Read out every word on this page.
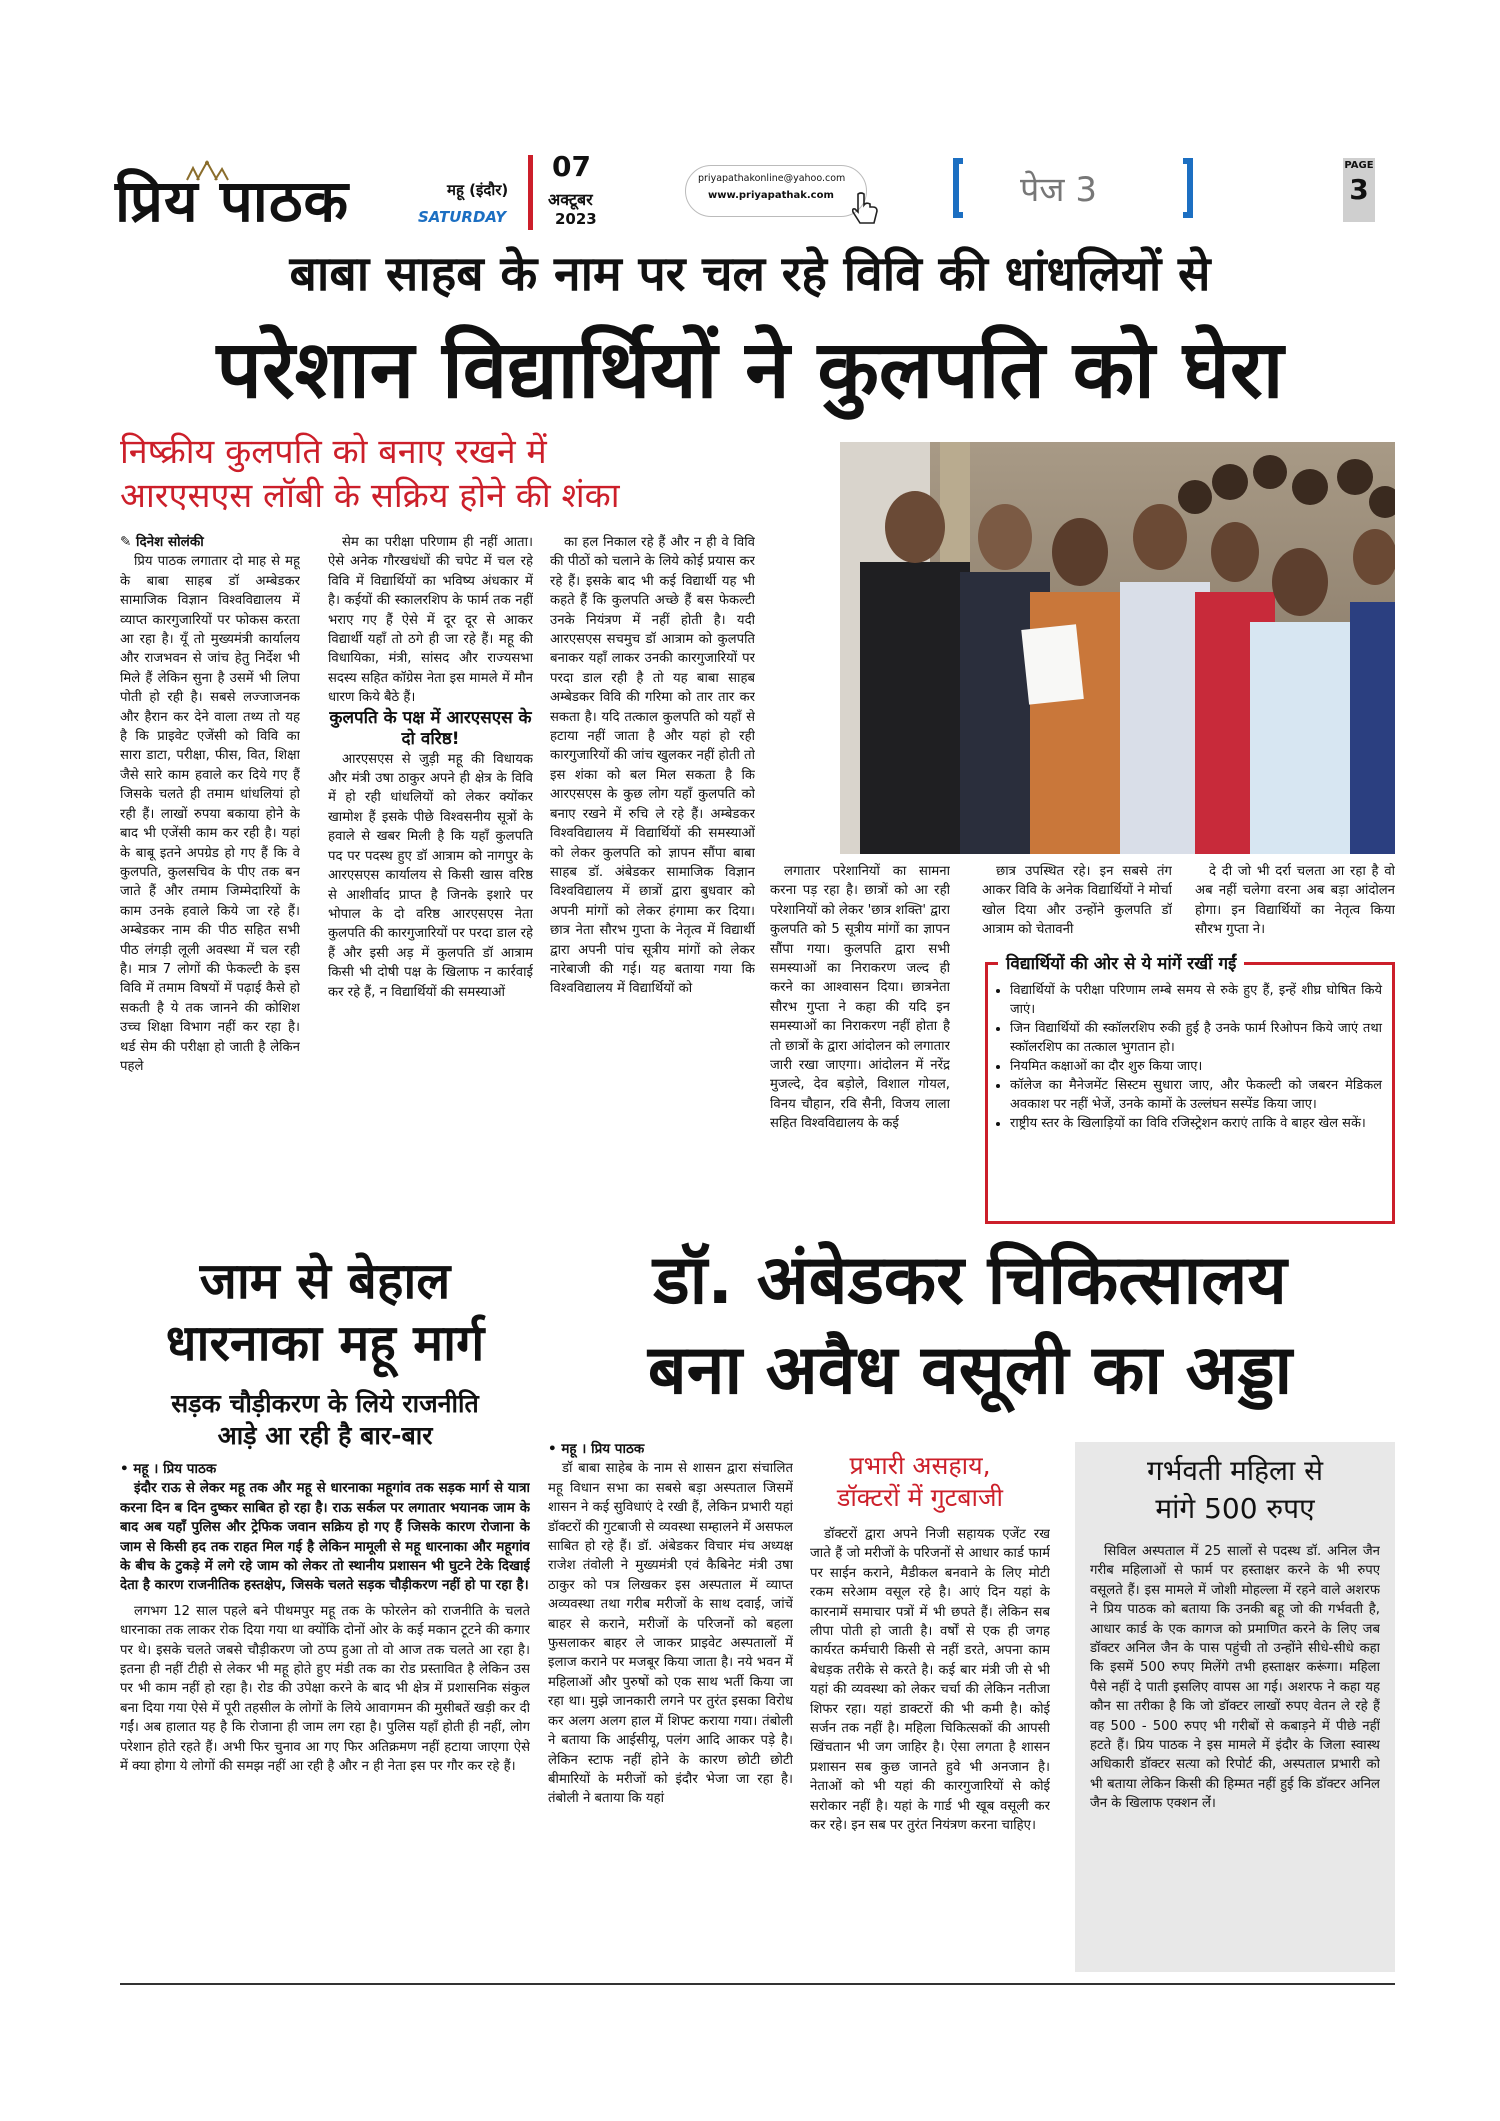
प्रिय पाठक	महू (इंदौर)
SATURDAY
07
अक्टूबर
2023
priyapathakonline@yahoo.com
www.priyapathak.com	पेज 3
PAGE
3
बाबा साहब के नाम पर चल रहे विवि की धांधलियों से
परेशान विद्यार्थियों ने कुलपति को घेरा
निष्क्रीय कुलपति को बनाए रखने में
आरएसएस लॉबी के सक्रिय होने की शंका

✎ दिनेश सोलंकी

प्रिय पाठक लगातार दो माह से महू के बाबा साहब डॉ अम्बेडकर सामाजिक विज्ञान विश्वविद्यालय में व्याप्त कारगुजारियों पर फोकस करता आ रहा है। यूँ तो मुख्यमंत्री कार्यालय और राजभवन से जांच हेतु निर्देश भी मिले हैं लेकिन सुना है उसमें भी लिपा पोती हो रही है। सबसे लज्जाजनक और हैरान कर देने वाला तथ्य तो यह है कि प्राइवेट एजेंसी को विवि का सारा डाटा, परीक्षा, फीस, वित, शिक्षा जैसे सारे काम हवाले कर दिये गए हैं जिसके चलते ही तमाम धांधलियां हो रही हैं। लाखों रुपया बकाया होने के बाद भी एजेंसी काम कर रही है। यहां के बाबू इतने अपग्रेड हो गए हैं कि वे कुलपति, कुलसचिव के पीए तक बन जाते हैं और तमाम जिम्मेदारियों के काम उनके हवाले किये जा रहे हैं। अम्बेडकर नाम की पीठ सहित सभी पीठ लंगड़ी लूली अवस्था में चल रही है। मात्र 7 लोगों की फेकल्टी के इस विवि में तमाम विषयों में पढ़ाई कैसे हो सकती है ये तक जानने की कोशिश उच्च शिक्षा विभाग नहीं कर रहा है। थर्ड सेम की परीक्षा हो जाती है लेकिन पहले

सेम का परीक्षा परिणाम ही नहीं आता। ऐसे अनेक गौरखधंधों की चपेट में चल रहे विवि में विद्यार्थियों का भविष्य अंधकार में है। कईयों की स्कालरशिप के फार्म तक नहीं भराए गए हैं ऐसे में दूर दूर से आकर विद्यार्थी यहाँ तो ठगे ही जा रहे हैं। महू की विधायिका, मंत्री, सांसद और राज्यसभा सदस्य सहित कॉग्रेस नेता इस मामले में मौन धारण किये बैठे हैं।

कुलपति के पक्ष में आरएसएस के दो वरिष्ठ!

आरएसएस से जुड़ी महू की विधायक और मंत्री उषा ठाकुर अपने ही क्षेत्र के विवि में हो रही धांधलियों को लेकर क्योंकर खामोश हैं इसके पीछे विश्वसनीय सूत्रों के हवाले से खबर मिली है कि यहाँ कुलपति पद पर पदस्थ हुए डॉ आत्राम को नागपुर के आरएसएस कार्यालय से किसी खास वरिष्ठ से आशीर्वाद प्राप्त है जिनके इशारे पर भोपाल के दो वरिष्ठ आरएसएस नेता कुलपति की कारगुजारियों पर परदा डाल रहे हैं और इसी अड़ में कुलपति डॉ आत्राम किसी भी दोषी पक्ष के खिलाफ न कार्रवाई कर रहे हैं, न विद्यार्थियों की समस्याओं

का हल निकाल रहे हैं और न ही वे विवि की पीठों को चलाने के लिये कोई प्रयास कर रहे हैं। इसके बाद भी कई विद्यार्थी यह भी कहते हैं कि कुलपति अच्छे हैं बस फेकल्टी उनके नियंत्रण में नहीं होती है। यदी आरएसएस सचमुच डॉ आत्राम को कुलपति बनाकर यहाँ लाकर उनकी कारगुजारियों पर परदा डाल रही है तो यह बाबा साहब अम्बेडकर विवि की गरिमा को तार तार कर सकता है। यदि तत्काल कुलपति को यहाँ से हटाया नहीं जाता है और यहां हो रही कारगुजारियों की जांच खुलकर नहीं होती तो इस शंका को बल मिल सकता है कि आरएसएस के कुछ लोग यहाँ कुलपति को बनाए रखने में रुचि ले रहे हैं। अम्बेडकर विश्वविद्यालय में विद्यार्थियों की समस्याओं को लेकर कुलपति को ज्ञापन सौंपा बाबा साहब डॉ. अंबेडकर सामाजिक विज्ञान विश्वविद्यालय में छात्रों द्वारा बुधवार को अपनी मांगों को लेकर हंगामा कर दिया। छात्र नेता सौरभ गुप्ता के नेतृत्व में विद्यार्थी द्वारा अपनी पांच सूत्रीय मांगों को लेकर नारेबाजी की गई। यह बताया गया कि विश्वविद्यालय में विद्यार्थियों को

लगातार परेशानियों का सामना करना पड़ रहा है। छात्रों को आ रही परेशानियों को लेकर 'छात्र शक्ति' द्वारा कुलपति को 5 सूत्रीय मांगों का ज्ञापन सौंपा गया। कुलपति द्वारा सभी समस्याओं का निराकरण जल्द ही करने का आश्वासन दिया। छात्रनेता सौरभ गुप्ता ने कहा की यदि इन समस्याओं का निराकरण नहीं होता है तो छात्रों के द्वारा आंदोलन को लगातार जारी रखा जाएगा। आंदोलन में नरेंद्र मुजल्दे, देव बड़ोले, विशाल गोयल, विनय चौहान, रवि सैनी, विजय लाला सहित विश्वविद्यालय के कई

छात्र उपस्थित रहे। इन सबसे तंग आकर विवि के अनेक विद्यार्थियों ने मोर्चा खोल दिया और उन्होंने कुलपति डॉ आत्राम को चेतावनी

दे दी जो भी दर्रा चलता आ रहा है वो अब नहीं चलेगा वरना अब बड़ा आंदोलन होगा। इन विद्यार्थियों का नेतृत्व किया सौरभ गुप्ता ने।

विद्यार्थियों की ओर से ये मांगें रखीं गईं
• विद्यार्थियों के परीक्षा परिणाम लम्बे समय से रुके हुए हैं, इन्हें शीघ्र घोषित किये जाएं।
• जिन विद्यार्थियों की स्कॉलरशिप रुकी हुई है उनके फार्म रिओपन किये जाएं तथा स्कॉलरशिप का तत्काल भुगतान हो।
• नियमित कक्षाओं का दौर शुरु किया जाए।
• कॉलेज का मैनेजमेंट सिस्टम सुधारा जाए, और फेकल्टी को जबरन मेडिकल अवकाश पर नहीं भेजें, उनके कामों के उल्लंघन सस्पेंड किया जाए।
• राष्ट्रीय स्तर के खिलाड़ियों का विवि रजिस्ट्रेशन कराएं ताकि वे बाहर खेल सकें।
जाम से बेहाल
धारनाका महू मार्ग
सड़क चौड़ीकरण के लिये राजनीति
आड़े आ रही है बार-बार

• महू । प्रिय पाठक

इंदौर राऊ से लेकर महू तक और महू से धारनाका महूगांव तक सड़क मार्ग से यात्रा करना दिन ब दिन दुष्कर साबित हो रहा है। राऊ सर्कल पर लगातार भयानक जाम के बाद अब यहाँ पुलिस और ट्रेफिक जवान सक्रिय हो गए हैं जिसके कारण रोजाना के जाम से किसी हद तक राहत मिल गई है लेकिन मामूली से महू धारनाका और महूगांव के बीच के टुकड़े में लगे रहे जाम को लेकर तो स्थानीय प्रशासन भी घुटने टेके दिखाई देता है कारण राजनीतिक हस्तक्षेप, जिसके चलते सड़क चौड़ीकरण नहीं हो पा रहा है।

लगभग 12 साल पहले बने पीथमपुर महू तक के फोरलेन को राजनीति के चलते धारनाका तक लाकर रोक दिया गया था क्योंकि दोनों ओर के कई मकान टूटने की कगार पर थे। इसके चलते जबसे चौड़ीकरण जो ठप्प हुआ तो वो आज तक चलते आ रहा है। इतना ही नहीं टीही से लेकर भी महू होते हुए मंडी तक का रोड प्रस्तावित है लेकिन उस पर भी काम नहीं हो रहा है। रोड की उपेक्षा करने के बाद भी क्षेत्र में प्रशासनिक संकुल बना दिया गया ऐसे में पूरी तहसील के लोगों के लिये आवागमन की मुसीबतें खड़ी कर दी गईं। अब हालात यह है कि रोजाना ही जाम लग रहा है। पुलिस यहाँ होती ही नहीं, लोग परेशान होते रहते हैं। अभी फिर चुनाव आ गए फिर अतिक्रमण नहीं हटाया जाएगा ऐसे में क्या होगा ये लोगों की समझ नहीं आ रही है और न ही नेता इस पर गौर कर रहे हैं।

डॉ. अंबेडकर चिकित्सालय
बना अवैध वसूली का अड्डा

• महू । प्रिय पाठक

डॉ बाबा साहेब के नाम से शासन द्वारा संचालित महू विधान सभा का सबसे बड़ा अस्पताल जिसमें शासन ने कई सुविधाएं दे रखी हैं, लेकिन प्रभारी यहां डॉक्टरों की गुटबाजी से व्यवस्था सम्हालने में असफल साबित हो रहे हैं। डॉ. अंबेडकर विचार मंच अध्यक्ष राजेश तंवोली ने मुख्यमंत्री एवं कैबिनेट मंत्री उषा ठाकुर को पत्र लिखकर इस अस्पताल में व्याप्त अव्यवस्था तथा गरीब मरीजों के साथ दवाई, जांचें बाहर से कराने, मरीजों के परिजनों को बहला फुसलाकर बाहर ले जाकर प्राइवेट अस्पतालों में इलाज कराने पर मजबूर किया जाता है। नये भवन में महिलाओं और पुरुषों को एक साथ भर्ती किया जा रहा था। मुझे जानकारी लगने पर तुरंत इसका विरोध कर अलग अलग हाल में शिफ्ट कराया गया। तंबोली ने बताया कि आईसीयू, पलंग आदि आकर पड़े है। लेकिन स्टाफ नहीं होने के कारण छोटी छोटी बीमारियों के मरीजों को इंदौर भेजा जा रहा है। तंबोली ने बताया कि यहां

प्रभारी असहाय,
डॉक्टरों में गुटबाजी

डॉक्टरों द्वारा अपने निजी सहायक एजेंट रख जाते हैं जो मरीजों के परिजनों से आधार कार्ड फार्म पर साईन कराने, मैडीकल बनवाने के लिए मोटी रकम सरेआम वसूल रहे है। आएं दिन यहां के कारनामें समाचार पत्रों में भी छपते हैं। लेकिन सब लीपा पोती हो जाती है। वर्षों से एक ही जगह कार्यरत कर्मचारी किसी से नहीं डरते, अपना काम बेधड़क तरीके से करते है। कई बार मंत्री जी से भी यहां की व्यवस्था को लेकर चर्चा की लेकिन नतीजा शिफर रहा। यहां डाक्टरों की भी कमी है। कोई सर्जन तक नहीं है। महिला चिकित्सकों की आपसी खिंचतान भी जग जाहिर है। ऐसा लगता है शासन प्रशासन सब कुछ जानते हुवे भी अनजान है। नेताओं को भी यहां की कारगुजारियों से कोई सरोकार नहीं है। यहां के गार्ड भी खूब वसूली कर कर रहे। इन सब पर तुरंत नियंत्रण करना चाहिए।

गर्भवती महिला से
मांगे 500 रुपए

सिविल अस्पताल में 25 सालों से पदस्थ डॉ. अनिल जैन गरीब महिलाओं से फार्म पर हस्ताक्षर करने के भी रुपए वसूलते हैं। इस मामले में जोशी मोहल्ला में रहने वाले अशरफ ने प्रिय पाठक को बताया कि उनकी बहू जो की गर्भवती है, आधार कार्ड के एक कागज को प्रमाणित करने के लिए जब डॉक्टर अनिल जैन के पास पहुंची तो उन्होंने सीधे-सीधे कहा कि इसमें 500 रुपए मिलेंगे तभी हस्ताक्षर करूंगा। महिला पैसे नहीं दे पाती इसलिए वापस आ गई। अशरफ ने कहा यह कौन सा तरीका है कि जो डॉक्टर लाखों रुपए वेतन ले रहे हैं वह 500 - 500 रुपए भी गरीबों से कबाड़ने में पीछे नहीं हटते हैं। प्रिय पाठक ने इस मामले में इंदौर के जिला स्वास्थ अधिकारी डॉक्टर सत्या को रिपोर्ट की, अस्पताल प्रभारी को भी बताया लेकिन किसी की हिम्मत नहीं हुई कि डॉक्टर अनिल जैन के खिलाफ एक्शन लेंं।
